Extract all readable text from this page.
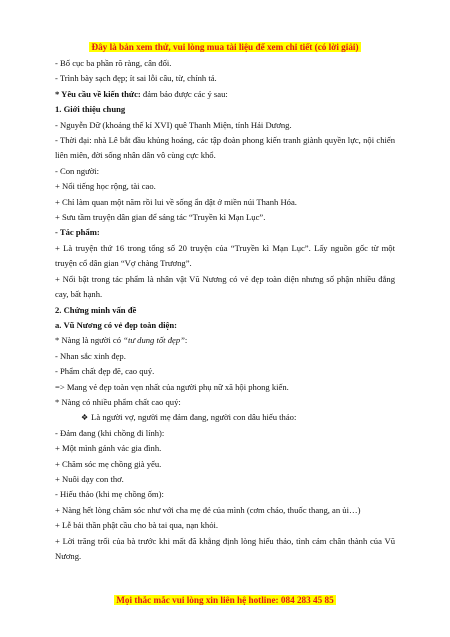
Đây là bản xem thử, vui lòng mua tài liệu để xem chi tiết (có lời giải)
- Bố cục ba phần rõ ràng, cân đối.
- Trình bày sạch đẹp; ít sai lỗi câu, từ, chính tả.
* Yêu cầu về kiến thức: đảm bảo được các ý sau:
1. Giới thiệu chung
- Nguyễn Dữ (khoảng thế kỉ XVI) quê Thanh Miện, tỉnh Hải Dương.
- Thời đại: nhà Lê bắt đầu khủng hoảng, các tập đoàn phong kiến tranh giành quyền lực, nội chiến liên miên, đời sống nhân dân vô cùng cực khổ.
- Con người:
+ Nổi tiếng học rộng, tài cao.
+ Chỉ làm quan một năm rồi lui về sống ẩn dật ở miền núi Thanh Hóa.
+ Sưu tầm truyện dân gian để sáng tác “Truyền kì Mạn Lục”.
- Tác phẩm:
+ Là truyện thứ 16 trong tổng số 20 truyện của “Truyền kì Mạn Lục”. Lấy nguồn gốc từ một truyện cổ dân gian “Vợ chàng Trương”.
+ Nổi bật trong tác phẩm là nhân vật Vũ Nương có vẻ đẹp toàn diện nhưng số phận nhiều đắng cay, bất hạnh.
2. Chứng minh vấn đề
a. Vũ Nương có vẻ đẹp toàn diện:
* Nàng là người có “tư dung tốt đẹp”:
- Nhan sắc xinh đẹp.
- Phẩm chất đẹp đẽ, cao quý.
=> Mang vẻ đẹp toàn vẹn nhất của người phụ nữ xã hội phong kiến.
* Nàng có nhiều phẩm chất cao quý:
❖ Là người vợ, người mẹ đảm đang, người con dâu hiếu thảo:
- Đảm đang (khi chồng đi lính):
+ Một mình gánh vác gia đình.
+ Chăm sóc mẹ chồng già yếu.
+ Nuôi dạy con thơ.
- Hiếu thảo (khi mẹ chồng ốm):
+ Nàng hết lòng chăm sóc như với cha mẹ đẻ của mình (cơm cháo, thuốc thang, an ủi…)
+ Lễ bái thần phật cầu cho bà tai qua, nạn khỏi.
+ Lời trăng trối của bà trước khi mất đã khẳng định lòng hiếu thảo, tình cảm chân thành của Vũ Nương.
Mọi thắc mắc vui lòng xin liên hệ hotline: 084 283 45 85
